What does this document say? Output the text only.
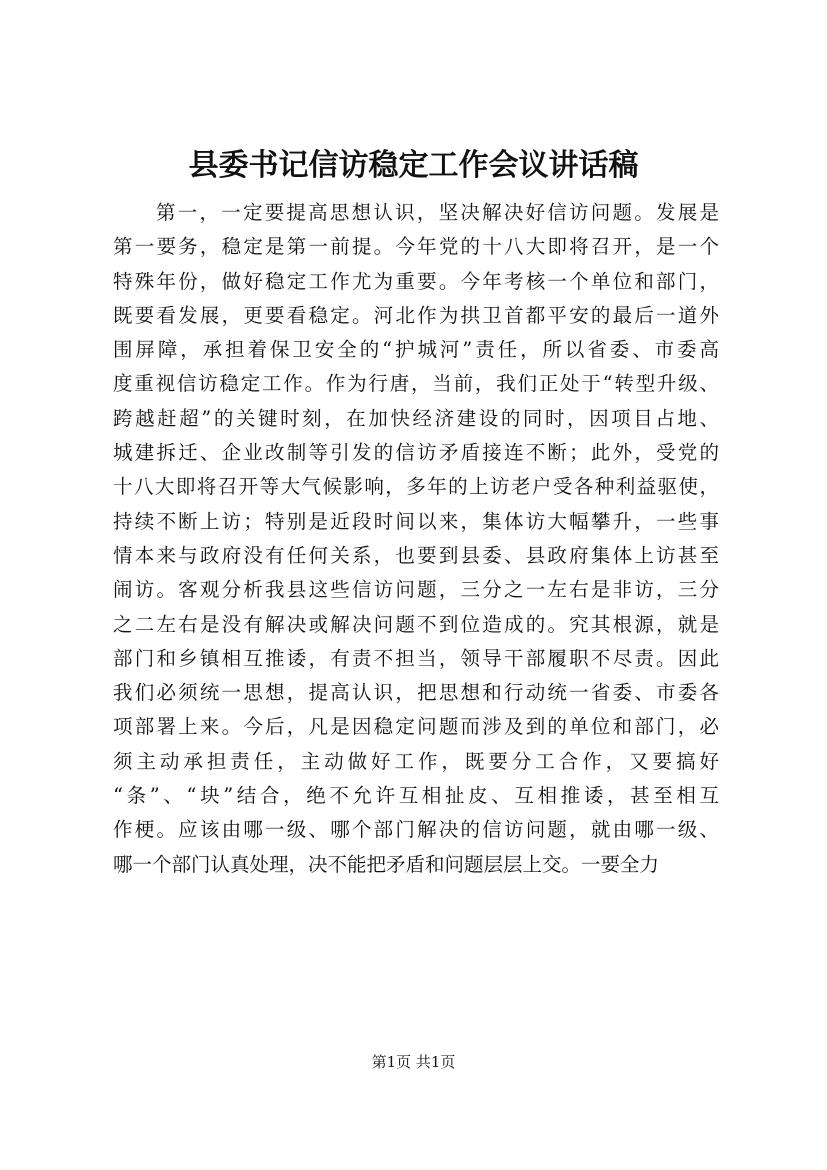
县委书记信访稳定工作会议讲话稿
第一，一定要提高思想认识，坚决解决好信访问题。发展是
第一要务，稳定是第一前提。今年党的十八大即将召开，是一个
特殊年份，做好稳定工作尤为重要。今年考核一个单位和部门，
既要看发展，更要看稳定。河北作为拱卫首都平安的最后一道外
围屏障，承担着保卫安全的“护城河”责任，所以省委、市委高
度重视信访稳定工作。作为行唐，当前，我们正处于“转型升级、
跨越赶超”的关键时刻，在加快经济建设的同时，因项目占地、
城建拆迁、企业改制等引发的信访矛盾接连不断；此外，受党的
十八大即将召开等大气候影响，多年的上访老户受各种利益驱使，
持续不断上访；特别是近段时间以来，集体访大幅攀升，一些事
情本来与政府没有任何关系，也要到县委、县政府集体上访甚至
闹访。客观分析我县这些信访问题，三分之一左右是非访，三分
之二左右是没有解决或解决问题不到位造成的。究其根源，就是
部门和乡镇相互推诿，有责不担当，领导干部履职不尽责。因此
我们必须统一思想，提高认识，把思想和行动统一省委、市委各
项部署上来。今后，凡是因稳定问题而涉及到的单位和部门，必
须主动承担责任，主动做好工作，既要分工合作，又要搞好
“条”、“块”结合，绝不允许互相扯皮、互相推诿，甚至相互
作梗。应该由哪一级、哪个部门解决的信访问题，就由哪一级、
哪一个部门认真处理，决不能把矛盾和问题层层上交。一要全力
第1页 共1页
